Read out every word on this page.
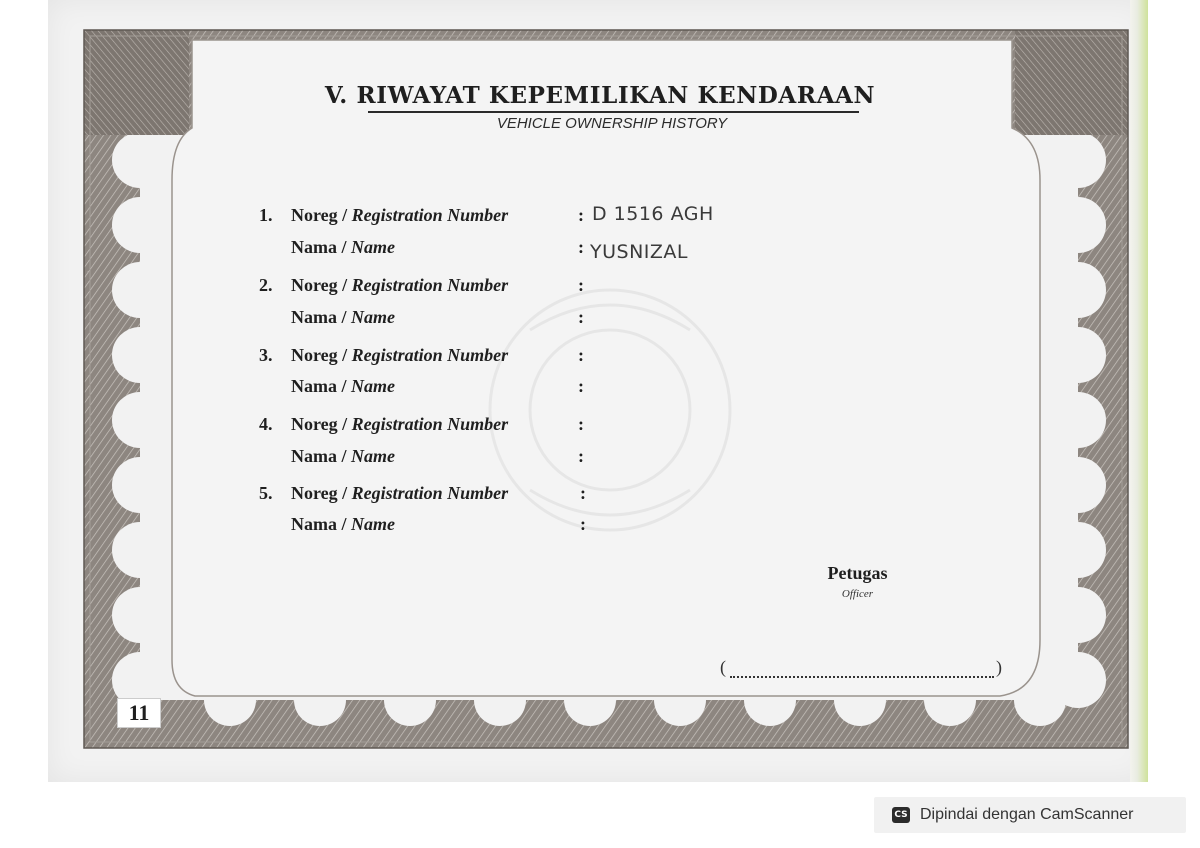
V. RIWAYAT KEPEMILIKAN KENDARAAN
VEHICLE OWNERSHIP HISTORY
1. Noreg / Registration Number	: D 1516 AGH
Nama / Name	: YUSNIZAL
2. Noreg / Registration Number	:
Nama / Name	:
3. Noreg / Registration Number	:
Nama / Name	:
4. Noreg / Registration Number	:
Nama / Name	:
5. Noreg / Registration Number	:
Nama / Name	:
Petugas
Officer
(	)
11
CS Dipindai dengan CamScanner
